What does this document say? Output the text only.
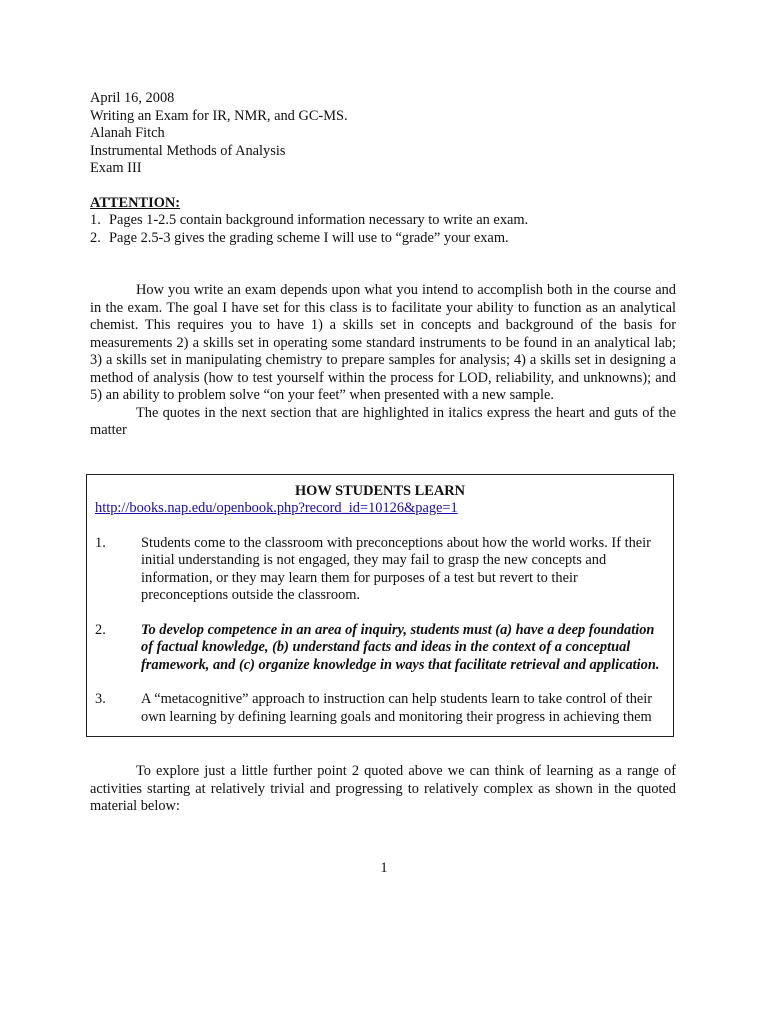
April 16, 2008
Writing an Exam for IR, NMR, and GC-MS.
Alanah Fitch
Instrumental Methods of Analysis
Exam III
ATTENTION:
1. Pages 1-2.5 contain background information necessary to write an exam.
2. Page 2.5-3 gives the grading scheme I will use to “grade” your exam.

How you write an exam depends upon what you intend to accomplish both in the course and in the exam. The goal I have set for this class is to facilitate your ability to function as an analytical chemist. This requires you to have 1) a skills set in concepts and background of the basis for measurements 2) a skills set in operating some standard instruments to be found in an analytical lab; 3) a skills set in manipulating chemistry to prepare samples for analysis; 4) a skills set in designing a method of analysis (how to test yourself within the process for LOD, reliability, and unknowns); and 5) an ability to problem solve “on your feet” when presented with a new sample.

The quotes in the next section that are highlighted in italics express the heart and guts of the matter

HOW STUDENTS LEARN
http://books.nap.edu/openbook.php?record_id=10126&page=1
1.	Students come to the classroom with preconceptions about how the world works. If their initial understanding is not engaged, they may fail to grasp the new concepts and information, or they may learn them for purposes of a test but revert to their preconceptions outside the classroom.
2.	To develop competence in an area of inquiry, students must (a) have a deep foundation of factual knowledge, (b) understand facts and ideas in the context of a conceptual framework, and (c) organize knowledge in ways that facilitate retrieval and application.
3.	A “metacognitive” approach to instruction can help students learn to take control of their own learning by defining learning goals and monitoring their progress in achieving them

To explore just a little further point 2 quoted above we can think of learning as a range of activities starting at relatively trivial and progressing to relatively complex as shown in the quoted material below:

1
